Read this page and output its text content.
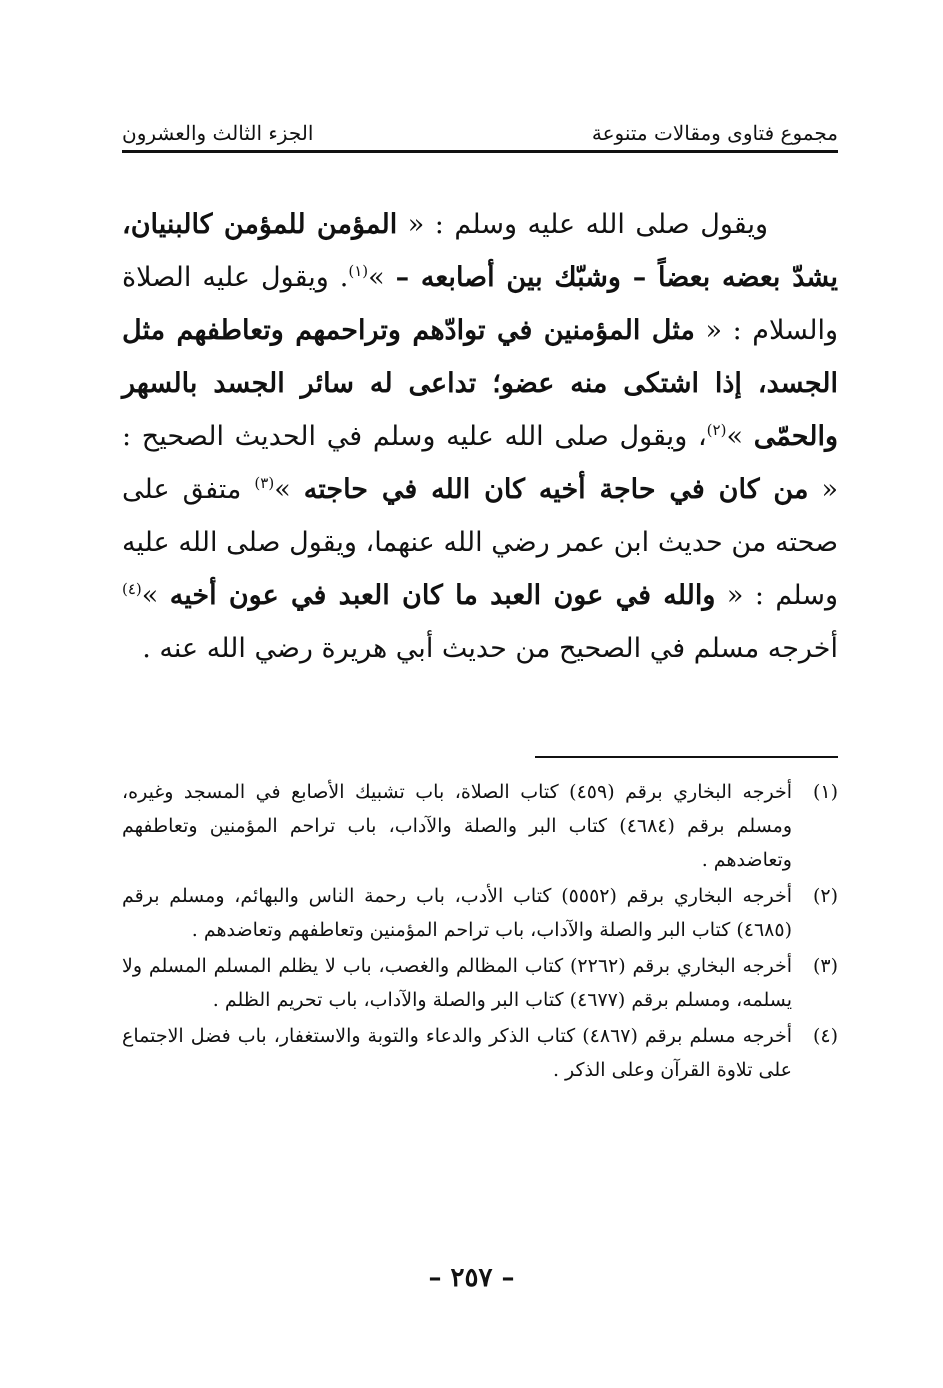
مجموع فتاوى ومقالات متنوعة
الجزء الثالث والعشرون

ويقول صلى الله عليه وسلم : « المؤمن للمؤمن كالبنيان، يشدّ بعضه بعضاً – وشبّك بين أصابعه – »$^{(١)}$. ويقول عليه الصلاة والسلام : « مثل المؤمنين في توادّهم وتراحمهم وتعاطفهم مثل الجسد، إذا اشتكى منه عضو؛ تداعى له سائر الجسد بالسهر والحمّى »$^{(٢)}$، ويقول صلى الله عليه وسلم في الحديث الصحيح : « من كان في حاجة أخيه كان الله في حاجته »$^{(٣)}$ متفق على صحته من حديث ابن عمر رضي الله عنهما، ويقول صلى الله عليه وسلم : « والله في عون العبد ما كان العبد في عون أخيه »$^{(٤)}$ أخرجه مسلم في الصحيح من حديث أبي هريرة رضي الله عنه .

(١)
أخرجه البخاري برقم (٤٥٩) كتاب الصلاة، باب تشبيك الأصابع في المسجد وغيره، ومسلم برقم (٤٦٨٤) كتاب البر والصلة والآداب، باب تراحم المؤمنين وتعاطفهم وتعاضدهم .
(٢)
أخرجه البخاري برقم (٥٥٥٢) كتاب الأدب، باب رحمة الناس والبهائم، ومسلم برقم (٤٦٨٥) كتاب البر والصلة والآداب، باب تراحم المؤمنين وتعاطفهم وتعاضدهم .
(٣)
أخرجه البخاري برقم (٢٢٦٢) كتاب المظالم والغصب، باب لا يظلم المسلم المسلم ولا يسلمه، ومسلم برقم (٤٦٧٧) كتاب البر والصلة والآداب، باب تحريم الظلم .
(٤)
أخرجه مسلم برقم (٤٨٦٧) كتاب الذكر والدعاء والتوبة والاستغفار، باب فضل الاجتماع على تلاوة القرآن وعلى الذكر .
– ٢٥٧ –
